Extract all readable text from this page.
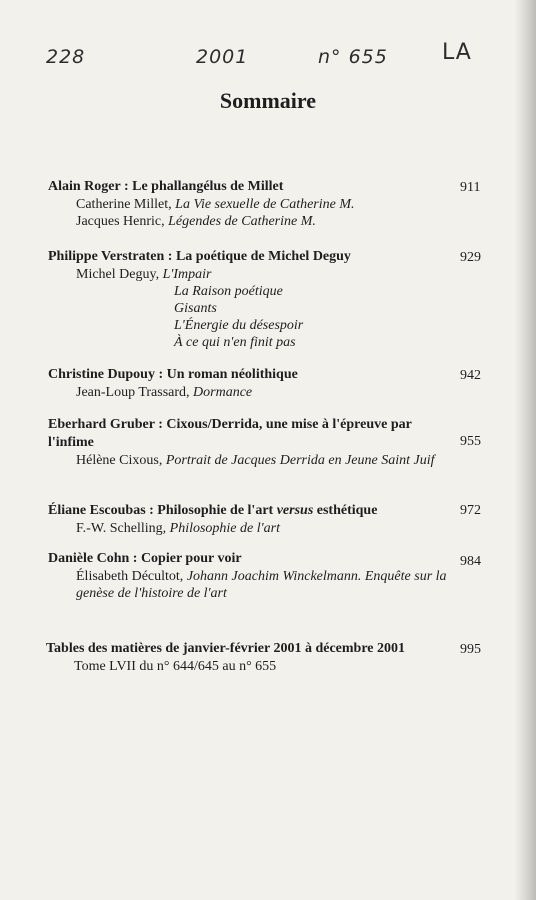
228	2001	n° 655 LA
Sommaire
Alain Roger : Le phallangélus de Millet
Catherine Millet, La Vie sexuelle de Catherine M.
Jacques Henric, Légendes de Catherine M.
911
Philippe Verstraten : La poétique de Michel Deguy
Michel Deguy, L'Impair
La Raison poétique
Gisants
L'Énergie du désespoir
À ce qui n'en finit pas
929
Christine Dupouy : Un roman néolithique
Jean-Loup Trassard, Dormance
942
Eberhard Gruber : Cixous/Derrida, une mise à l'épreuve par l'infime
Hélène Cixous, Portrait de Jacques Derrida en Jeune Saint Juif
955
Éliane Escoubas : Philosophie de l'art versus esthétique
F.-W. Schelling, Philosophie de l'art
972
Danièle Cohn : Copier pour voir
Élisabeth Décultot, Johann Joachim Winckelmann. Enquête sur la genèse de l'histoire de l'art
984
Tables des matières de janvier-février 2001 à décembre 2001
Tome LVII du n° 644/645 au n° 655
995
